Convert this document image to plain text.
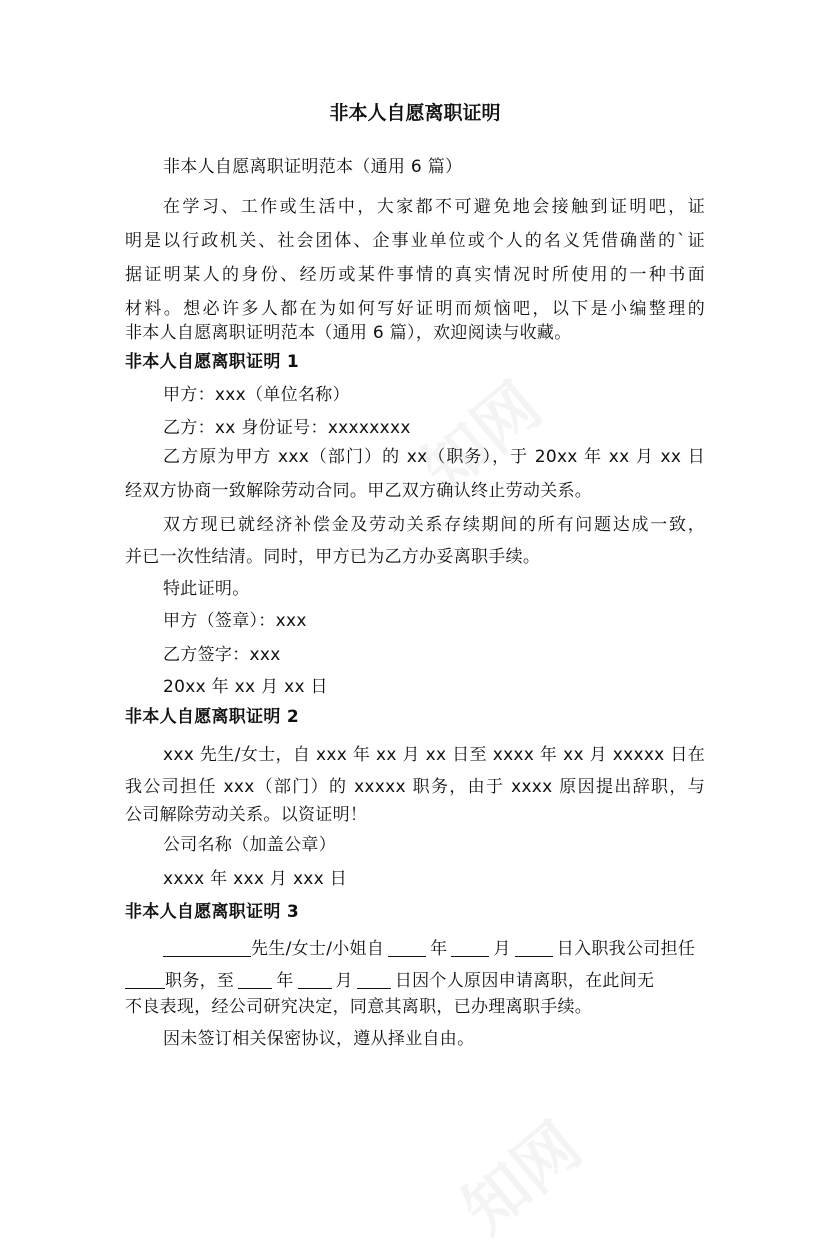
非本人自愿离职证明

非本人自愿离职证明范本（通用 6 篇）

在学习、工作或生活中，大家都不可避免地会接触到证明吧，证

明是以行政机关、社会团体、企事业单位或个人的名义凭借确凿的`证

据证明某人的身份、经历或某件事情的真实情况时所使用的一种书面

材料。想必许多人都在为如何写好证明而烦恼吧，以下是小编整理的

非本人自愿离职证明范本（通用 6 篇），欢迎阅读与收藏。

非本人自愿离职证明 1

甲方：xxx（单位名称）

乙方：xx 身份证号：xxxxxxxx

乙方原为甲方 xxx（部门）的 xx（职务），于 20xx 年 xx 月 xx 日

经双方协商一致解除劳动合同。甲乙双方确认终止劳动关系。

双方现已就经济补偿金及劳动关系存续期间的所有问题达成一致，

并已一次性结清。同时，甲方已为乙方办妥离职手续。

特此证明。

甲方（签章）：xxx

乙方签字：xxx

20xx 年 xx 月 xx 日

非本人自愿离职证明 2

xxx 先生/女士，自 xxx 年 xx 月 xx 日至 xxxx 年 xx 月 xxxxx 日在

我公司担任 xxx（部门）的 xxxxx 职务，由于 xxxx 原因提出辞职，与

公司解除劳动关系。以资证明！

公司名称（加盖公章）

xxxx 年 xxx 月 xxx 日

非本人自愿离职证明 3

先生/女士/小姐自	年	月	日入职我公司担任
职务，至 年 月 日因个人原因申请离职，在此间无

不良表现，经公司研究决定，同意其离职，已办理离职手续。

因未签订相关保密协议，遵从择业自由。
